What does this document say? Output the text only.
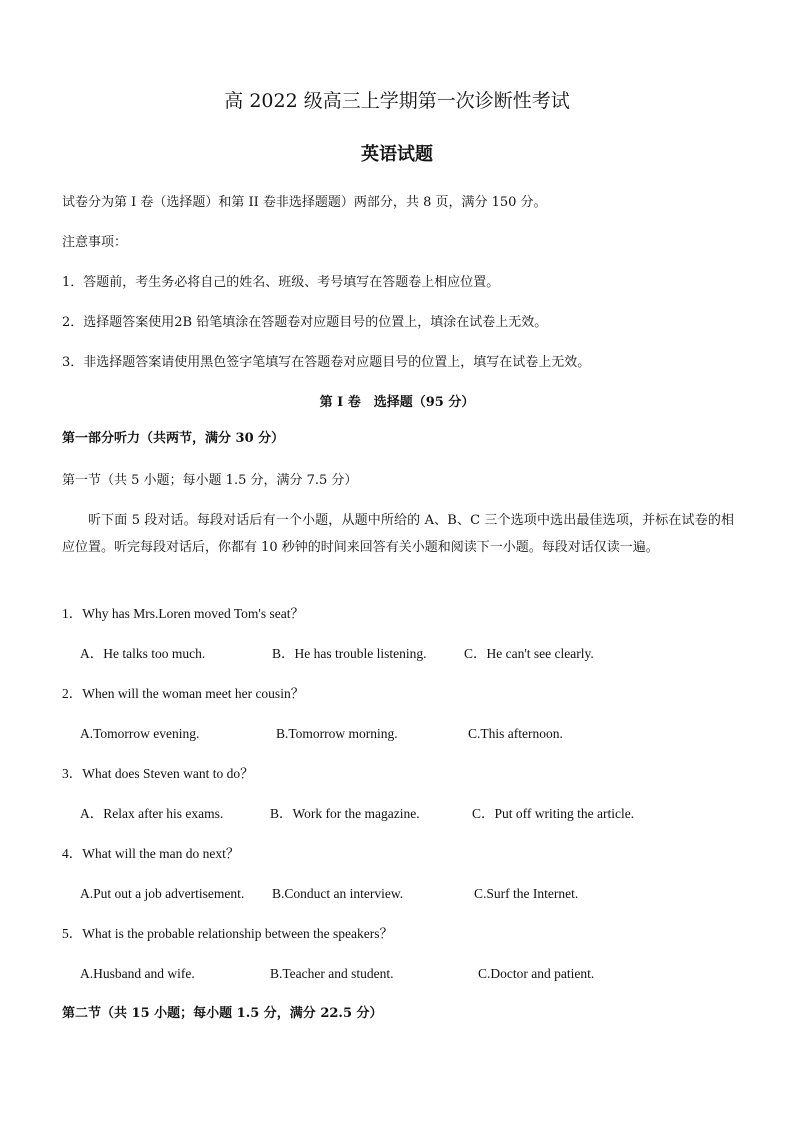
高 2022 级高三上学期第一次诊断性考试
英语试题
试卷分为第 I 卷（选择题）和第 II 卷非选择题题）两部分，共 8 页，满分 150 分。
注意事项：
1．答题前，考生务必将自己的姓名、班级、考号填写在答题卷上相应位置。
2．选择题答案使用2B 铅笔填涂在答题卷对应题目号的位置上，填涂在试卷上无效。
3．非选择题答案请使用黑色签字笔填写在答题卷对应题目号的位置上，填写在试卷上无效。
第 I 卷　选择题（95 分）
第一部分听力（共两节，满分 30 分）
第一节（共 5 小题；每小题 1.5 分，满分 7.5 分）
听下面 5 段对话。每段对话后有一个小题，从题中所给的 A、B、C 三个选项中选出最佳选项，并标在试卷的相应位置。听完每段对话后，你都有 10 秒钟的时间来回答有关小题和阅读下一小题。每段对话仅读一遍。
1．Why has Mrs.Loren moved Tom's seat？
A．He talks too much.	B．He has trouble listening.	C．He can't see clearly.
2．When will the woman meet her cousin？
A.Tomorrow evening.	B.Tomorrow morning.	C.This afternoon.
3．What does Steven want to do？
A．Relax after his exams.	B．Work for the magazine.	C．Put off writing the article.
4．What will the man do next？
A.Put out a job advertisement. B.Conduct an interview.	C.Surf the Internet.
5．What is the probable relationship between the speakers？
A.Husband and wife.	B.Teacher and student.	C.Doctor and patient.
第二节（共 15 小题；每小题 1.5 分，满分 22.5 分）
